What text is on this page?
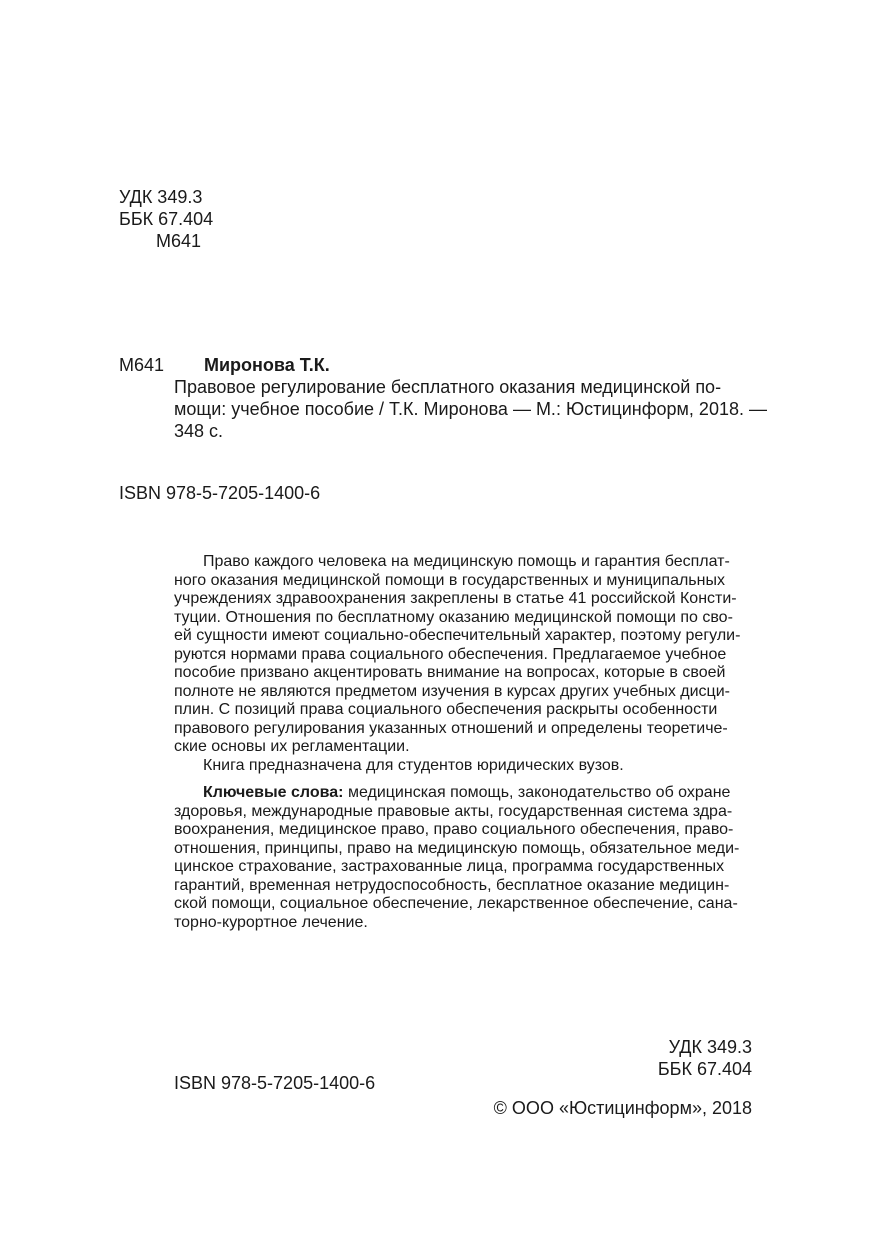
УДК 349.3
ББК 67.404
М641
М641 Миронова Т.К.
Правовое регулирование бесплатного оказания медицинской по-
мощи: учебное пособие / Т.К. Миронова — М.: Юстицинформ, 2018. —
348 с.
ISBN 978-5-7205-1400-6
Право каждого человека на медицинскую помощь и гарантия бесплат-
ного оказания медицинской помощи в государственных и муниципальных
учреждениях здравоохранения закреплены в статье 41 российской Консти-
туции. Отношения по бесплатному оказанию медицинской помощи по сво-
ей сущности имеют социально-обеспечительный характер, поэтому регули-
руются нормами права социального обеспечения. Предлагаемое учебное
пособие призвано акцентировать внимание на вопросах, которые в своей
полноте не являются предметом изучения в курсах других учебных дисци-
плин. С позиций права социального обеспечения раскрыты особенности
правового регулирования указанных отношений и определены теоретиче-
ские основы их регламентации.
Книга предназначена для студентов юридических вузов.
Ключевые слова: медицинская помощь, законодательство об охране
здоровья, международные правовые акты, государственная система здра-
воохранения, медицинское право, право социального обеспечения, право-
отношения, принципы, право на медицинскую помощь, обязательное меди-
цинское страхование, застрахованные лица, программа государственных
гарантий, временная нетрудоспособность, бесплатное оказание медицин-
ской помощи, социальное обеспечение, лекарственное обеспечение, сана-
торно-курортное лечение.
УДК 349.3
ББК 67.404
ISBN 978-5-7205-1400-6
© ООО «Юстицинформ», 2018
